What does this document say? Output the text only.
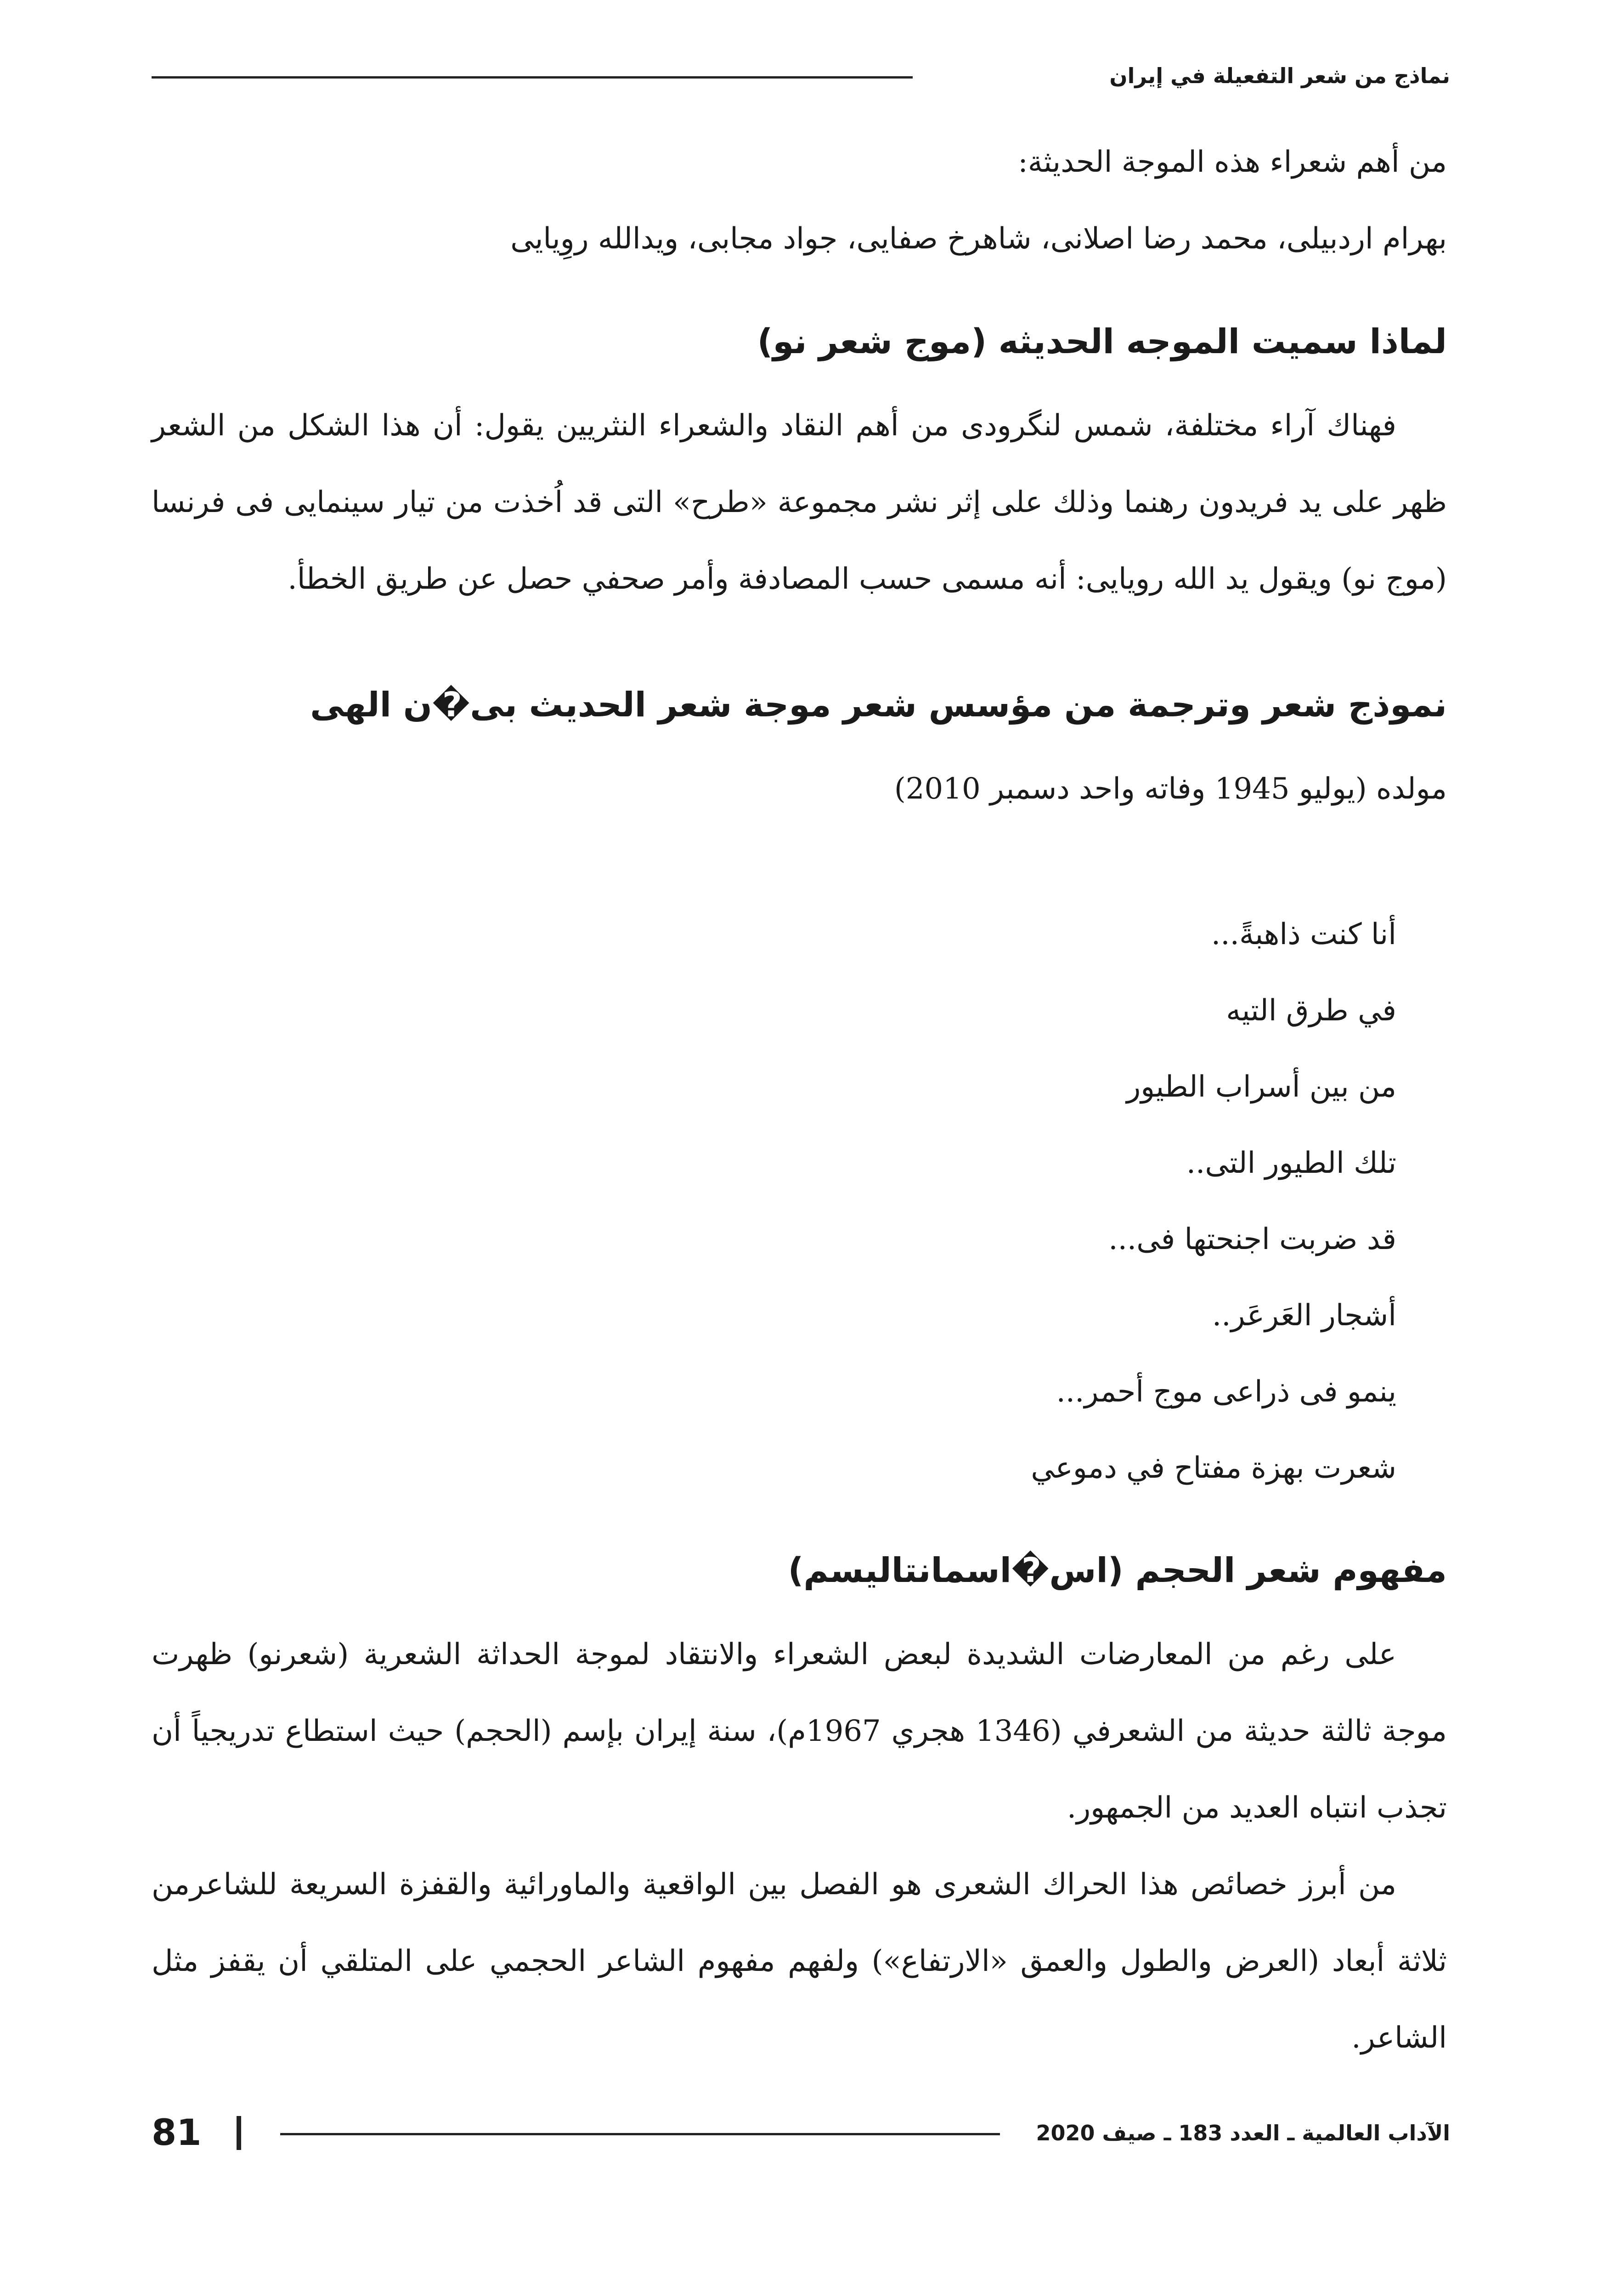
نماذج من شعر التفعيلة في إيران

من أهم شعراء هذه الموجة الحديثة:

بهرام اردبيلى، محمد رضا اصلانى، شاهرخ صفايى، جواد مجابى، ويدالله روِيايى

لماذا سميت الموجه الحديثه (موج شعر نو)

فهناك آراء مختلفة، شمس لنگرودی من أهم النقاد والشعراء النثريين يقول: أن هذا الشكل من الشعر ظهر على يد فريدون رهنما وذلك على إثر نشر مجموعة «طرح» التی قد اُخذت من تيار سينمايی فی فرنسا (موج نو) ويقول يد الله رويايی: أنه مسمى حسب المصادفة وأمر صحفي حصل عن طريق الخطأ.

نموذج شعر وترجمة من مؤسس شعر موجة شعر الحديث بی�ن الهی

مولده (يوليو 1945 وفاته واحد دسمبر 2010)

أنا كنت ذاهبةً...
في طرق التيه
من بين أسراب الطيور
تلك الطيور التی..
قد ضربت اجنحتها فی...
أشجار العَرعَر..
ينمو فی ذراعی موج أحمر...
شعرت بهزة مفتاح في دموعي
مفهوم شعر الحجم (اس�اسمانتاليسم)

على رغم من المعارضات الشديدة لبعض الشعراء والانتقاد لموجة الحداثة الشعرية (شعرنو) ظهرت موجة ثالثة حديثة من الشعرفي (1346 هجري 1967م)، سنة إيران بإسم (الحجم) حيث استطاع تدريجياً أن تجذب انتباه العديد من الجمهور.

من أبرز خصائص هذا الحراك الشعرى هو الفصل بين الواقعية والماورائية والقفزة السريعة للشاعرمن ثلاثة أبعاد (العرض والطول والعمق «الارتفاع») ولفهم مفهوم الشاعر الحجمي على المتلقي أن يقفز مثل الشاعر.

الآداب العالمية ـ العدد 183 ـ صيف 2020
81
